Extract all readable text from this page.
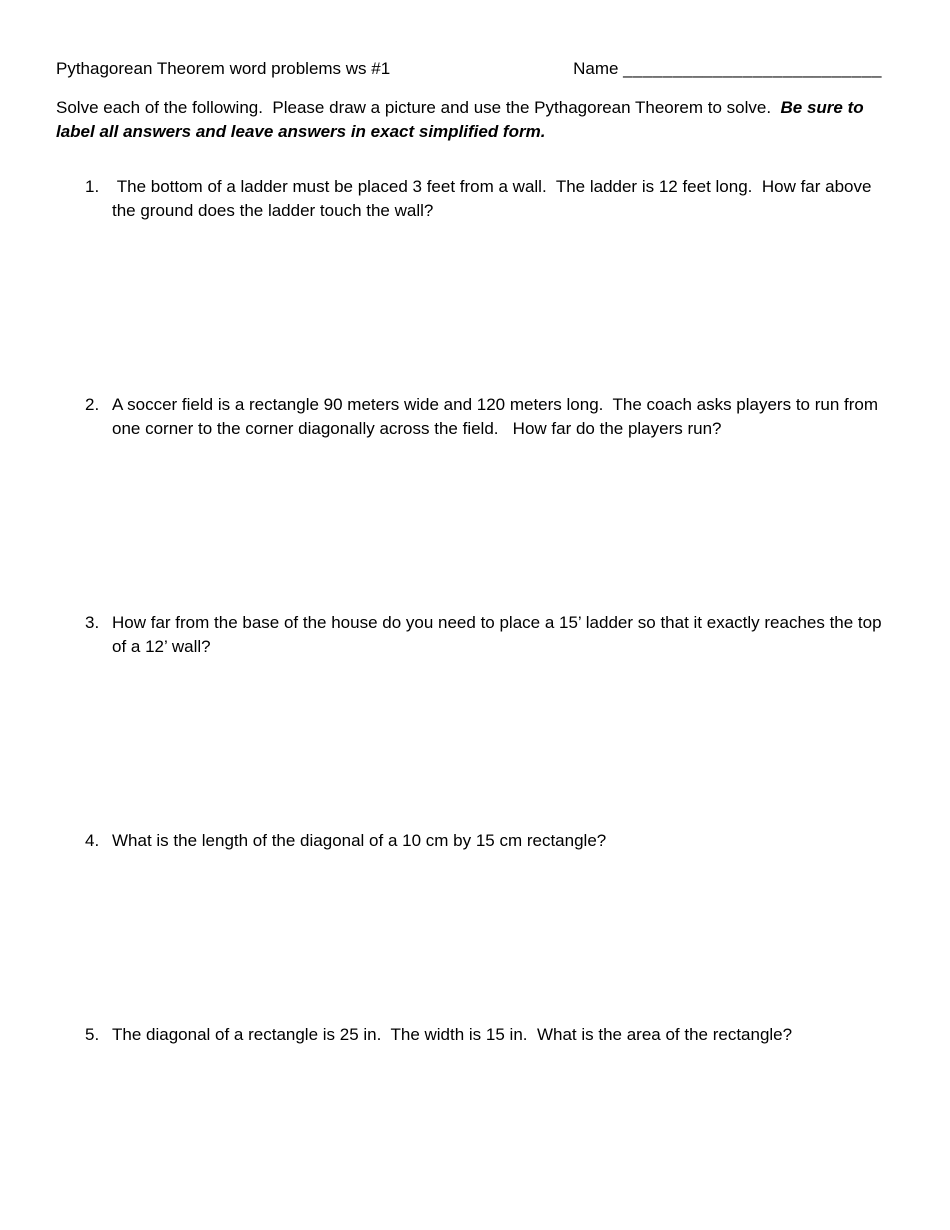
Pythagorean Theorem word problems ws #1	Name __________________________

Solve each of the following.  Please draw a picture and use the Pythagorean Theorem to solve.  Be sure to label all answers and leave answers in exact simplified form.

1. The bottom of a ladder must be placed 3 feet from a wall.  The ladder is 12 feet long.  How far above the ground does the ladder touch the wall?
2. A soccer field is a rectangle 90 meters wide and 120 meters long.  The coach asks players to run from one corner to the corner diagonally across the field.   How far do the players run?
3. How far from the base of the house do you need to place a 15’ ladder so that it exactly reaches the top of a 12’ wall?
4. What is the length of the diagonal of a 10 cm by 15 cm rectangle?
5. The diagonal of a rectangle is 25 in.  The width is 15 in.  What is the area of the rectangle?
